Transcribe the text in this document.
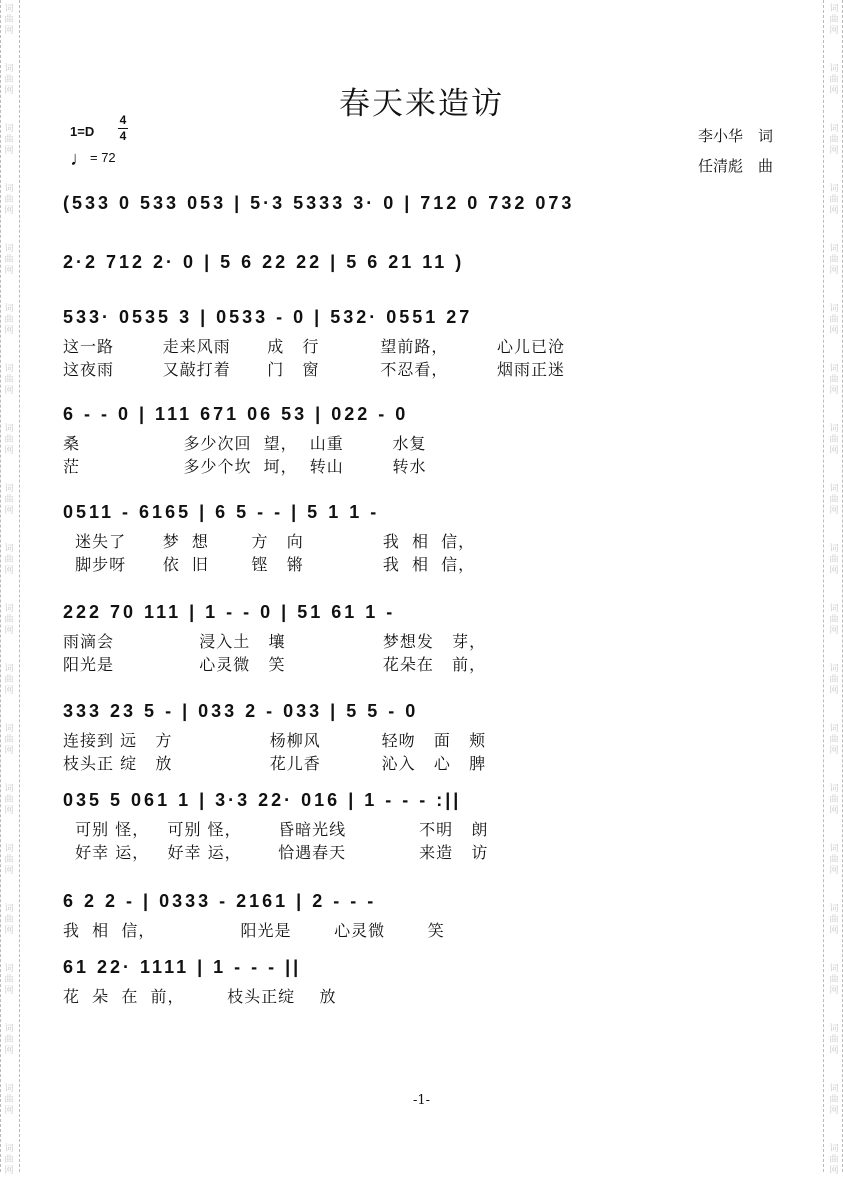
词
曲
网
词
曲
网
词
曲
网
词
曲
网
词
曲
网
词
曲
网
词
曲
网
词
曲
网
词
曲
网
词
曲
网
词
曲
网
词
曲
网
词
曲
网
词
曲
网
词
曲
网
词
曲
网
词
曲
网
词
曲
网
词
曲
网
词
曲
网
词
曲
网
词
曲
网
词
曲
网
词
曲
网
词
曲
网
词
曲
网
词
曲
网
词
曲
网
词
曲
网
词
曲
网
词
曲
网
词
曲
网
词
曲
网
词
曲
网
词
曲
网
词
曲
网
词
曲
网
词
曲
网
词
曲
网
词
曲
网
春天来造访
1=D
4
4
♩= 72
李小华　词
任清彪　曲
(533 0 533 053 | 5·3 5333 3· 0 | 712 0 732 073
2·2 712 2· 0 | 5 6 22 22 | 5 6 21 11 )
533· 0535 3 | 0533 - 0 | 532· 0551 27
这一路        走来风雨      成   行          望前路，        心儿已沧
这夜雨        又敲打着      门   窗          不忍看，        烟雨正迷
6 - - 0 | 111 671 06 53 | 022 - 0
桑                 多少次回  望，  山重        水复
茫                 多少个坎  坷，  转山        转水
0511 - 6165 | 6 5 - - | 5 1 1 -
迷失了      梦  想       方   向             我  相  信，
脚步呀      依  旧       铿   锵             我  相  信，
222 70 111 | 1 - - 0 | 51 61 1 -
雨滴会              浸入土   壤                梦想发   芽，
阳光是              心灵微   笑                花朵在   前，
333 23 5 - | 033 2 - 033 | 5 5 - 0
连接到 远   方                杨柳风          轻吻   面   颊
枝头正 绽   放                花儿香          沁入   心   脾
035 5 061 1 | 3·3 22· 016 | 1 - - - :||
可别 怪，   可别 怪，      昏暗光线            不明   朗
好幸 运，   好幸 运，      恰遇春天            来造   访
6 2 2 - | 0333 - 2161 | 2 - - -
我  相  信，              阳光是       心灵微       笑
61 22· 1111 | 1 - - - ||
花  朵  在  前，       枝头正绽    放
-1-
